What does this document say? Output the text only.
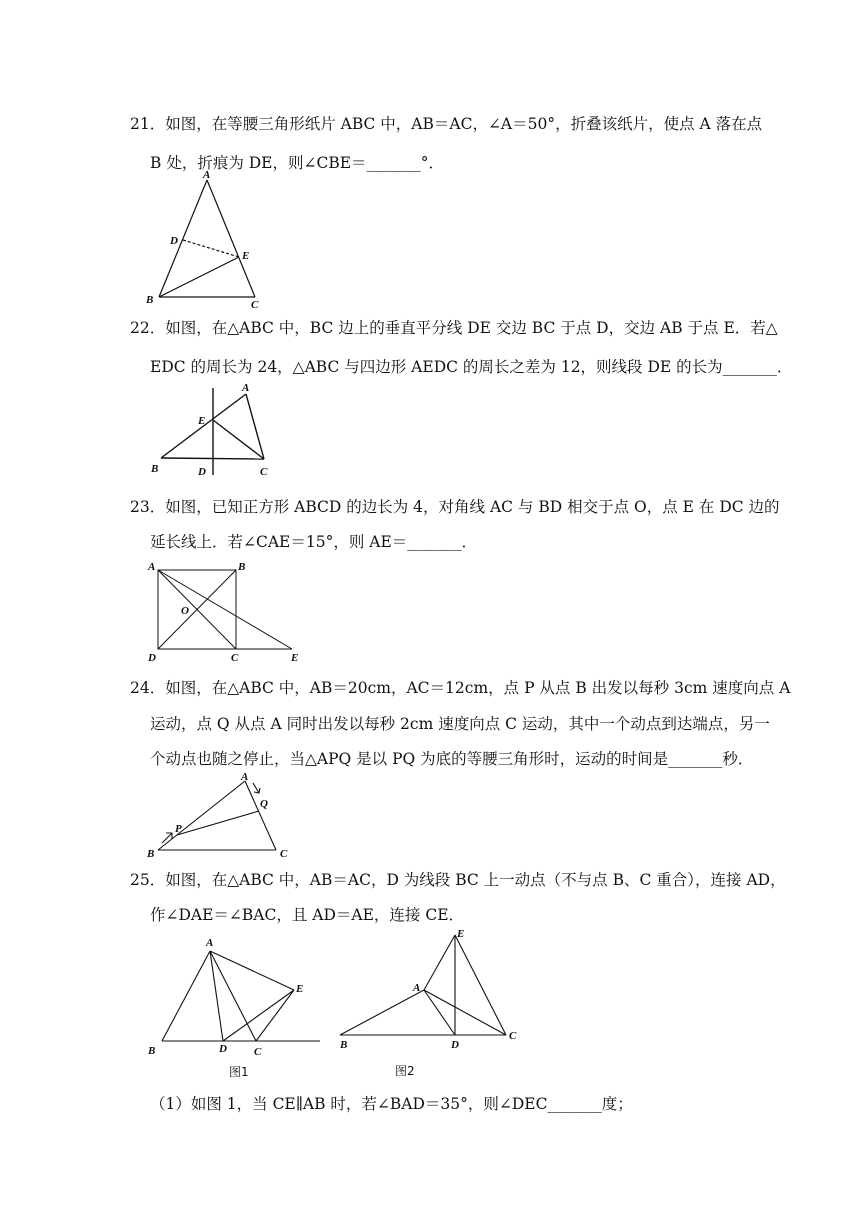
21．如图，在等腰三角形纸片 ABC 中，AB＝AC，∠A＝50°，折叠该纸片，使点 A 落在点
B 处，折痕为 DE，则∠CBE＝_______°．
A
B	C
D
E
22．如图，在△ABC 中，BC 边上的垂直平分线 DE 交边 BC 于点 D，交边 AB 于点 E．若△
EDC 的周长为 24，△ABC 与四边形 AEDC 的周长之差为 12，则线段 DE 的长为_______．
A
B	C
D
E
23．如图，已知正方形 ABCD 的边长为 4，对角线 AC 与 BD 相交于点 O，点 E 在 DC 边的
延长线上．若∠CAE＝15°，则 AE＝_______．
A	B
C
D	E
O
24．如图，在△ABC 中，AB＝20cm，AC＝12cm，点 P 从点 B 出发以每秒 3cm 速度向点 A
运动，点 Q 从点 A 同时出发以每秒 2cm 速度向点 C 运动，其中一个动点到达端点，另一
个动点也随之停止，当△APQ 是以 PQ 为底的等腰三角形时，运动的时间是_______秒．
A
B	C
P
Q
25．如图，在△ABC 中，AB＝AC，D 为线段 BC 上一动点（不与点 B、C 重合），连接 AD，
作∠DAE＝∠BAC，且 AD＝AE，连接 CE．
A
B	C
D
E
图1
A
B
C
D
E
图2
（1）如图 1，当 CE∥AB 时，若∠BAD＝35°，则∠DEC_______度；
